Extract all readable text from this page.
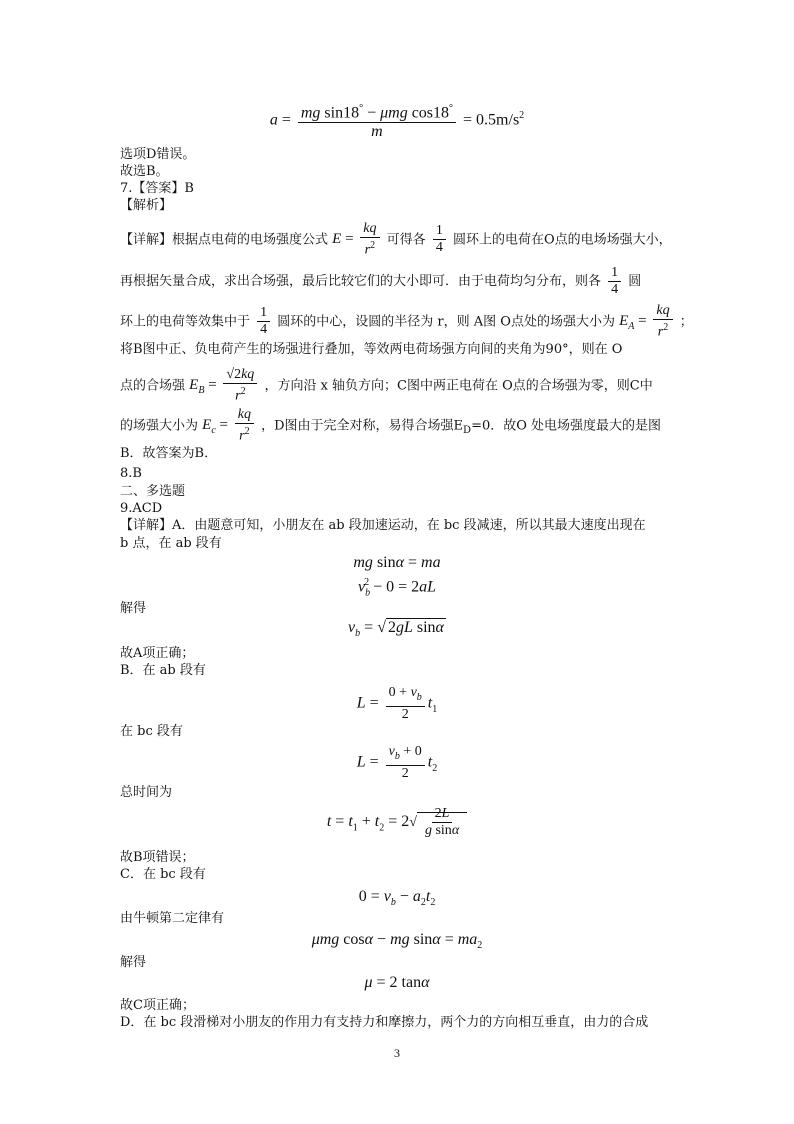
$a = \frac{mg \sin 18^\circ - \mu mg \cos 18^\circ}{m} = 0.5m/s^2$
选项D错误。
故选B。
7.【答案】B
【解析】
【详解】根据点电荷的电场强度公式 $E = \frac{kq}{r^2}$ 可得各 $\frac{1}{4}$ 圆环上的电荷在O点的电场场强大小，
再根据矢量合成，求出合场强，最后比较它们的大小即可．由于电荷均匀分布，则各 $\frac{1}{4}$ 圆
环上的电荷等效集中于 $\frac{1}{4}$ 圆环的中心，设圆的半径为 r，则 A图 O点处的场强大小为 $E_A = \frac{kq}{r^2}$ ；
将B图中正、负电荷产生的场强进行叠加，等效两电荷场强方向间的夹角为90°，则在 O
点的合场强 $E_B = \frac{√2kq}{r^2}$ ，方向沿 x 轴负方向；C图中两正电荷在 O点的合场强为零，则C中
的场强大小为 $E_c = \frac{kq}{r^2}$ ，D图由于完全对称，易得合场强$E_D=0$．故O 处电场强度最大的是图
B．故答案为B．
8.B
二、多选题
9.ACD
【详解】A．由题意可知，小朋友在 ab 段加速运动，在 bc 段减速，所以其最大速度出现在
b 点，在 ab 段有
mg sinα = ma
$v_b^2 - 0 = 2aL$
解得
$v_b$ = √ 2gL sinα
故A项正确；
B．在 ab 段有
$L = \frac{0 + v_b}{2} t_1$
在 bc 段有
$L = \frac{v_b + 0}{2} t_2$
总时间为
$t = t_1 + t_2 = 2√ \frac{2L}{\text{g sinα}}$
故B项错误；
C．在 bc 段有
$0 = v_b - a_2t_2$
由牛顿第二定律有
μmg cosα − mg $\sin\alpha = ma_2$
解得
μ = 2 tanα
故C项正确；
D．在 bc 段滑梯对小朋友的作用力有支持力和摩擦力，两个力的方向相互垂直，由力的合成
3
